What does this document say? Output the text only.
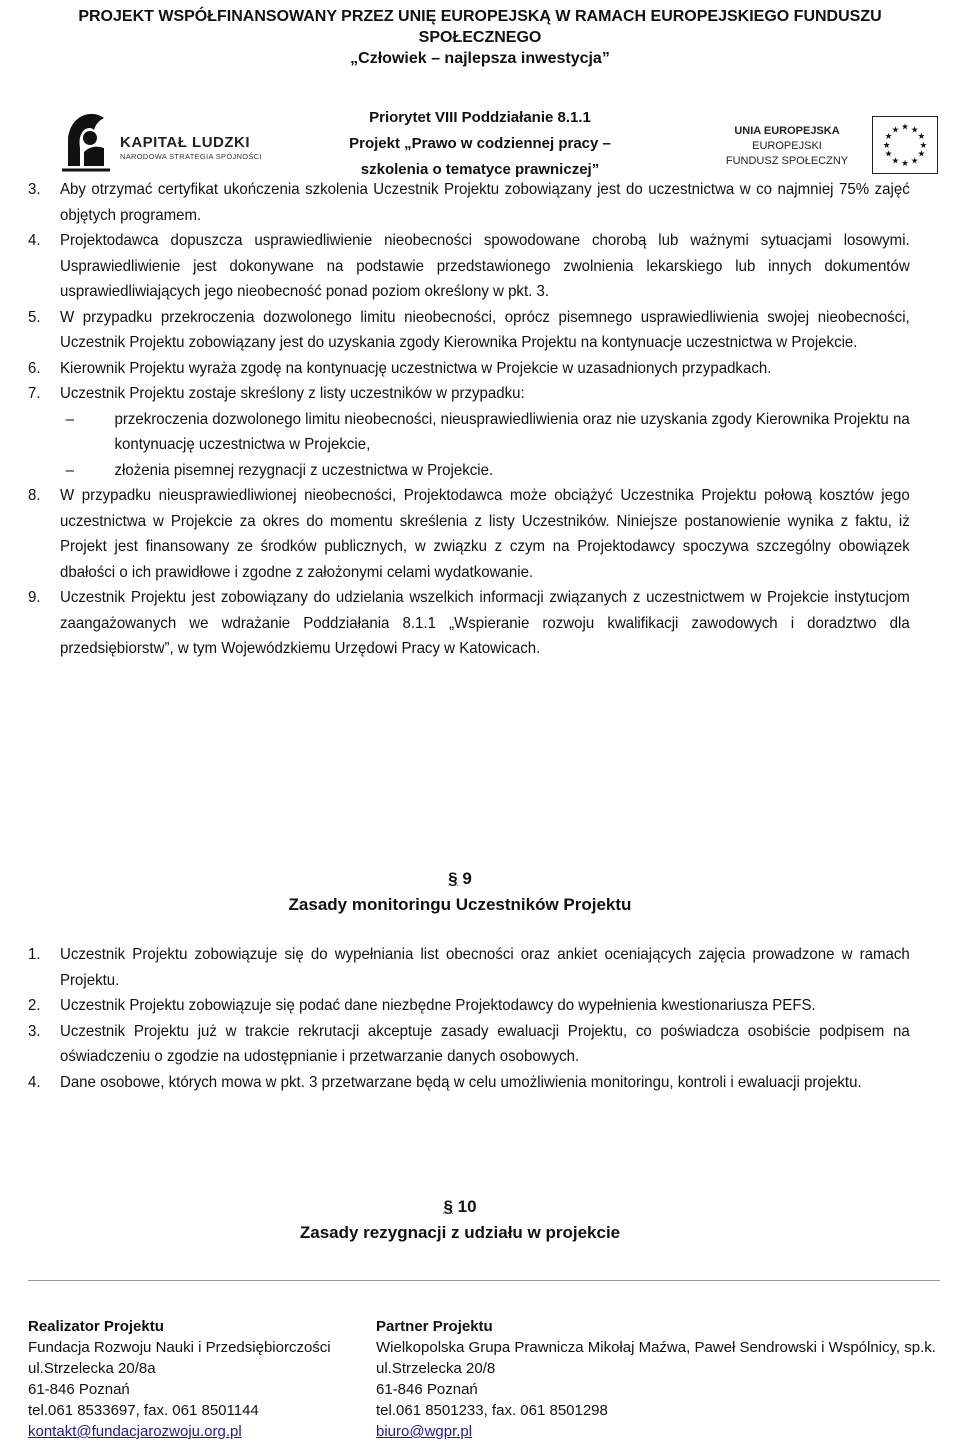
PROJEKT WSPÓŁFINANSOWANY PRZEZ UNIĘ EUROPEJSKĄ W RAMACH EUROPEJSKIEGO FUNDUSZU
SPOŁECZNEGO
„Człowiek – najlepsza inwestycja”
KAPITAŁ LUDZKI
NARODOWA STRATEGIA SPÓJNOŚCI
Priorytet VIII Poddziałanie 8.1.1
Projekt „Prawo w codziennej pracy –
szkolenia o tematyce prawniczej”
UNIA EUROPEJSKA
EUROPEJSKI
FUNDUSZ SPOŁECZNY
★ ★
★
★
★
★
★
★
★
★
★
★
3. Aby otrzymać certyfikat ukończenia szkolenia Uczestnik Projektu zobowiązany jest do uczestnictwa w co najmniej 75% zajęć objętych programem.
4. Projektodawca dopuszcza usprawiedliwienie nieobecności spowodowane chorobą lub ważnymi sytuacjami losowymi. Usprawiedliwienie jest dokonywane na podstawie przedstawionego zwolnienia lekarskiego lub innych dokumentów usprawiedliwiających jego nieobecność ponad poziom określony w pkt. 3.
5. W przypadku przekroczenia dozwolonego limitu nieobecności, oprócz pisemnego usprawiedliwienia swojej nieobecności, Uczestnik Projektu zobowiązany jest do uzyskania zgody Kierownika Projektu na kontynuacje uczestnictwa w Projekcie.
6. Kierownik Projektu wyraża zgodę na kontynuację uczestnictwa w Projekcie w uzasadnionych przypadkach.
7. Uczestnik Projektu zostaje skreślony z listy uczestników w przypadku:
–	przekroczenia dozwolonego limitu nieobecności, nieusprawiedliwienia oraz nie uzyskania zgody Kierownika Projektu na kontynuację uczestnictwa w Projekcie,
–	złożenia pisemnej rezygnacji z uczestnictwa w Projekcie.
8. W przypadku nieusprawiedliwionej nieobecności, Projektodawca może obciążyć Uczestnika Projektu połową kosztów jego uczestnictwa w Projekcie za okres do momentu skreślenia z listy Uczestników. Niniejsze postanowienie wynika z faktu, iż Projekt jest finansowany ze środków publicznych, w związku z czym na Projektodawcy spoczywa szczególny obowiązek dbałości o ich prawidłowe i zgodne z założonymi celami wydatkowanie.
9. Uczestnik Projektu jest zobowiązany do udzielania wszelkich informacji związanych z uczestnictwem w Projekcie instytucjom zaangażowanych we wdrażanie Poddziałania 8.1.1 „Wspieranie rozwoju kwalifikacji zawodowych i doradztwo dla przedsiębiorstw”, w tym Wojewódzkiemu Urzędowi Pracy w Katowicach.
§ 9
Zasady monitoringu Uczestników Projektu
1. Uczestnik Projektu zobowiązuje się do wypełniania list obecności oraz ankiet oceniających zajęcia prowadzone w ramach Projektu.
2. Uczestnik Projektu zobowiązuje się podać dane niezbędne Projektodawcy do wypełnienia kwestionariusza PEFS.
3. Uczestnik Projektu już w trakcie rekrutacji akceptuje zasady ewaluacji Projektu, co poświadcza osobiście podpisem na oświadczeniu o zgodzie na udostępnianie i przetwarzanie danych osobowych.
4. Dane osobowe, których mowa w pkt. 3 przetwarzane będą w celu umożliwienia monitoringu, kontroli i ewaluacji projektu.
§ 10
Zasady rezygnacji z udziału w projekcie
Realizator Projektu
Fundacja Rozwoju Nauki i Przedsiębiorczości
ul.Strzelecka 20/8a
61-846 Poznań
tel.061 8533697, fax. 061 8501144
kontakt@fundacjarozwoju.org.pl
Partner Projektu
Wielkopolska Grupa Prawnicza Mikołaj Maźwa, Paweł Sendrowski i Wspólnicy, sp.k.
ul.Strzelecka 20/8
61-846 Poznań
tel.061 8501233, fax. 061 8501298
biuro@wgpr.pl
